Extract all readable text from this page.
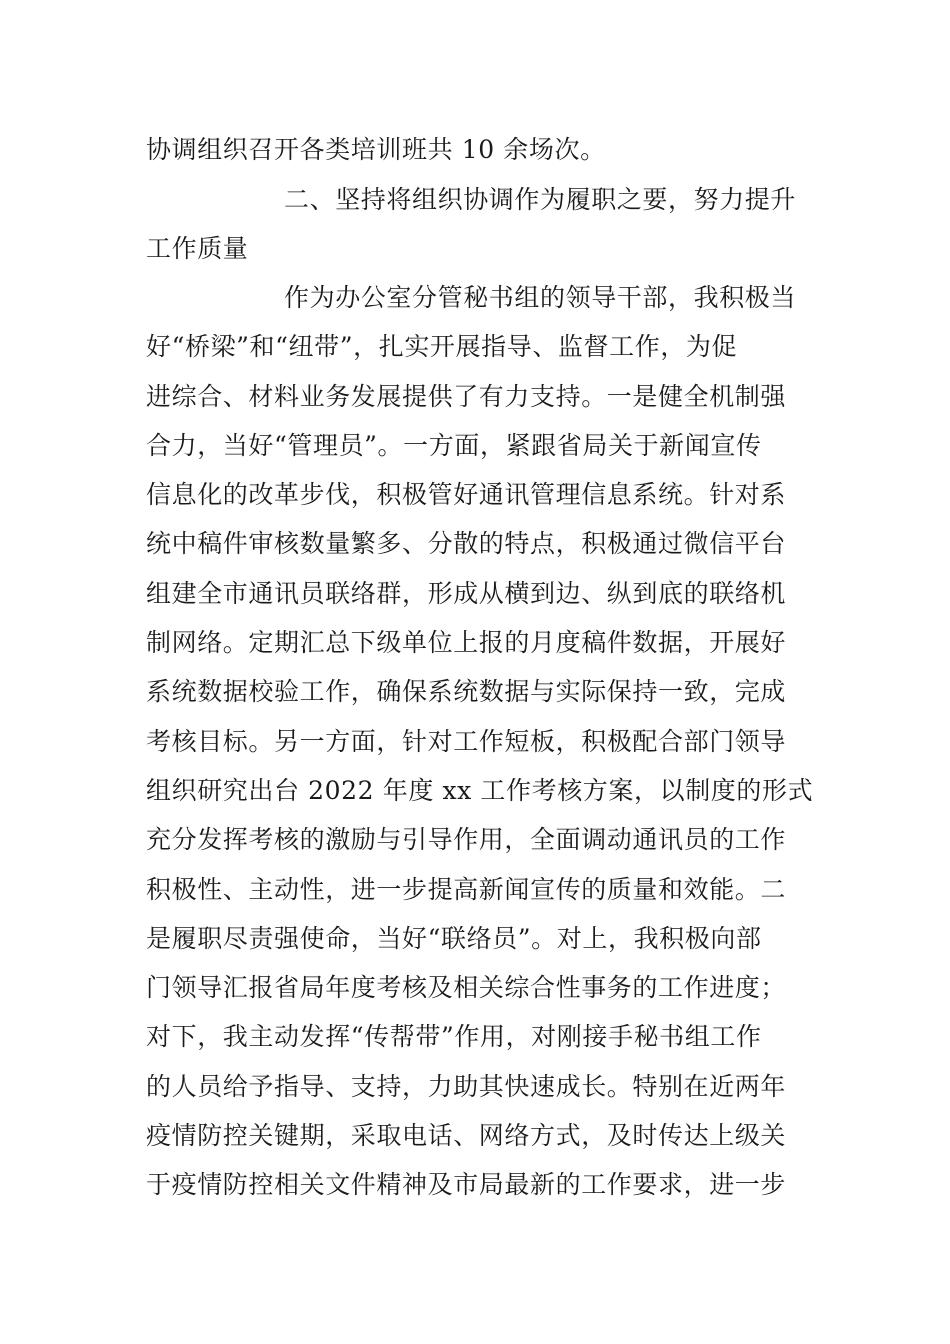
协调组织召开各类培训班共 10 余场次。
二、坚持将组织协调作为履职之要，努力提升
工作质量
作为办公室分管秘书组的领导干部，我积极当
好“桥梁”和“纽带”，扎实开展指导、监督工作，为促
进综合、材料业务发展提供了有力支持。一是健全机制强
合力，当好“管理员”。一方面，紧跟省局关于新闻宣传
信息化的改革步伐，积极管好通讯管理信息系统。针对系
统中稿件审核数量繁多、分散的特点，积极通过微信平台
组建全市通讯员联络群，形成从横到边、纵到底的联络机
制网络。定期汇总下级单位上报的月度稿件数据，开展好
系统数据校验工作，确保系统数据与实际保持一致，完成
考核目标。另一方面，针对工作短板，积极配合部门领导
组织研究出台 2022 年度 xx 工作考核方案，以制度的形式
充分发挥考核的激励与引导作用，全面调动通讯员的工作
积极性、主动性，进一步提高新闻宣传的质量和效能。二
是履职尽责强使命，当好“联络员”。对上，我积极向部
门领导汇报省局年度考核及相关综合性事务的工作进度；
对下，我主动发挥“传帮带”作用，对刚接手秘书组工作
的人员给予指导、支持，力助其快速成长。特别在近两年
疫情防控关键期，采取电话、网络方式，及时传达上级关
于疫情防控相关文件精神及市局最新的工作要求，进一步
